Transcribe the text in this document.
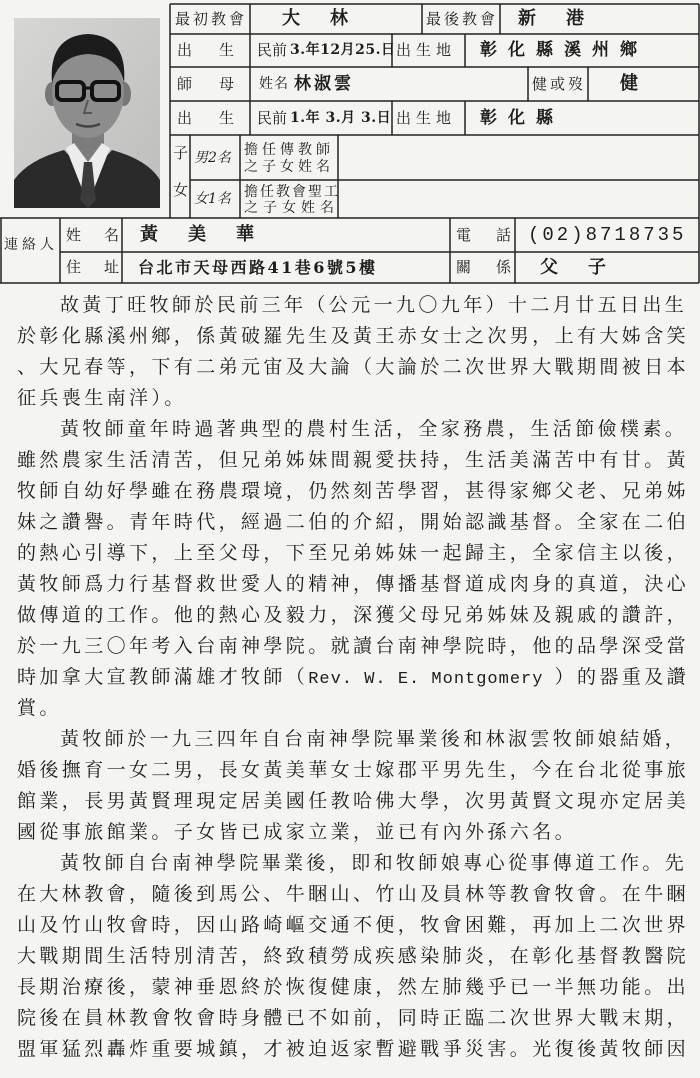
最初教會 大　林	最後教會 新　港
出　生 民前 3.年12月25.日 出生地 彰化縣溪州鄉
師　母 姓名 林淑雲	健或歿 健
出　生 民前 1.年 3.月 3.日 出生地 彰化縣
子
女
男2名 擔任傳教師
之子女姓名
女1名 擔任教會聖工
之子女姓名
連絡人
姓　名 黃　美　華	電　話 (02)8718735
住　址 台北市天母西路41巷6號5樓	關　係 父　子
故黃丁旺牧師於民前三年（公元一九〇九年）十二月廿五日出生
於彰化縣溪州鄉，係黃破羅先生及黃王赤女士之次男，上有大姊含笑
、大兄春等，下有二弟元宙及大論（大論於二次世界大戰期間被日本
征兵喪生南洋）。
黃牧師童年時過著典型的農村生活，全家務農，生活節儉樸素。
雖然農家生活清苦，但兄弟姊妹間親愛扶持，生活美滿苦中有甘。黃
牧師自幼好學雖在務農環境，仍然刻苦學習，甚得家鄉父老、兄弟姊
妹之讚譽。青年時代，經過二伯的介紹，開始認識基督。全家在二伯
的熱心引導下，上至父母，下至兄弟姊妹一起歸主，全家信主以後，
黃牧師爲力行基督救世愛人的精神，傳播基督道成肉身的真道，決心
做傳道的工作。他的熱心及毅力，深獲父母兄弟姊妹及親戚的讚許，
於一九三〇年考入台南神學院。就讀台南神學院時，他的品學深受當
時加拿大宣教師滿雄才牧師（Rev. W. E. Montgomery ）的器重及讚
賞。
黃牧師於一九三四年自台南神學院畢業後和林淑雲牧師娘結婚，
婚後撫育一女二男，長女黃美華女士嫁郡平男先生，今在台北從事旅
館業，長男黃賢理現定居美國任教哈佛大學，次男黃賢文現亦定居美
國從事旅館業。子女皆已成家立業，並已有內外孫六名。
黃牧師自台南神學院畢業後，即和牧師娘專心從事傳道工作。先
在大林教會，隨後到馬公、牛睏山、竹山及員林等教會牧會。在牛睏
山及竹山牧會時，因山路崎嶇交通不便，牧會困難，再加上二次世界
大戰期間生活特別清苦，終致積勞成疾感染肺炎，在彰化基督教醫院
長期治療後，蒙神垂恩終於恢復健康，然左肺幾乎已一半無功能。出
院後在員林教會牧會時身體已不如前，同時正臨二次世界大戰末期，
盟軍猛烈轟炸重要城鎮，才被迫返家暫避戰爭災害。光復後黃牧師因
